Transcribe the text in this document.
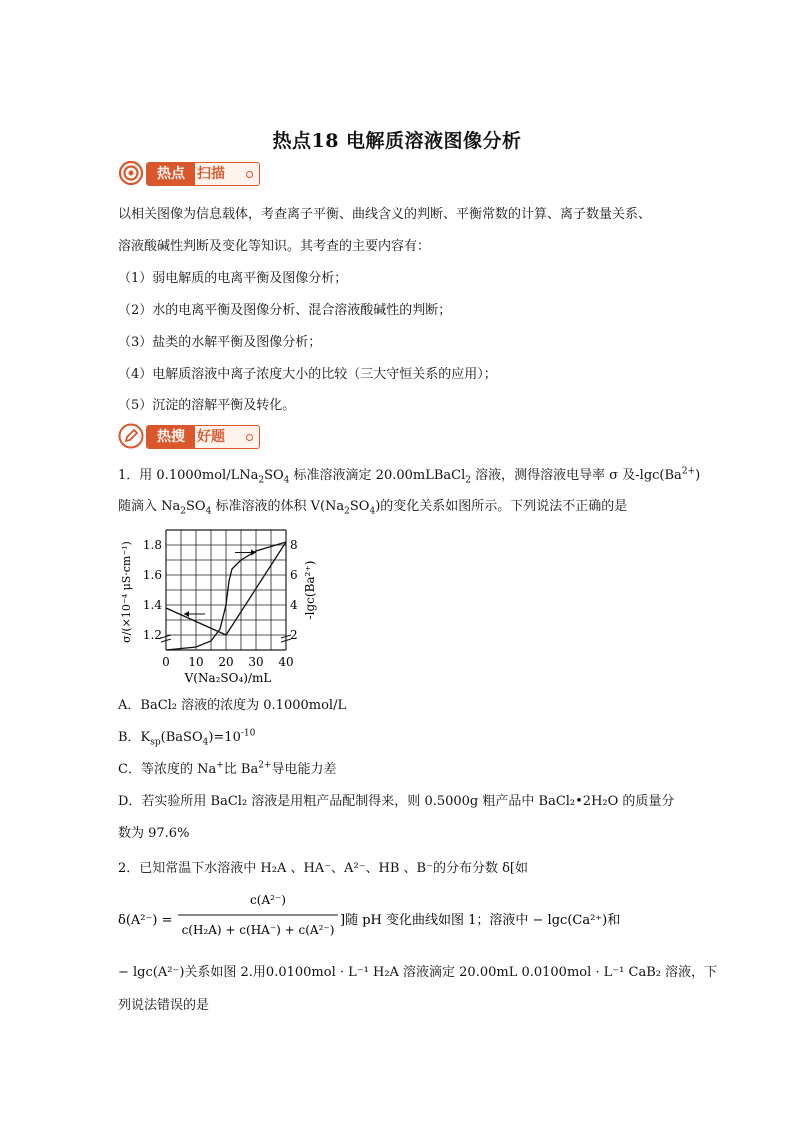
热点18 电解质溶液图像分析
热点 扫描
以相关图像为信息载体，考查离子平衡、曲线含义的判断、平衡常数的计算、离子数量关系、
溶液酸碱性判断及变化等知识。其考查的主要内容有：
（1）弱电解质的电离平衡及图像分析；
（2）水的电离平衡及图像分析、混合溶液酸碱性的判断；
（3）盐类的水解平衡及图像分析；
（4）电解质溶液中离子浓度大小的比较（三大守恒关系的应用）；
（5）沉淀的溶解平衡及转化。
热搜 好题
1．用 $0.1000mol/LNa_2SO_4$ 标准溶液滴定 20.00mLBaCl$_2$ 溶液，测得溶液电导率 σ 及$-\lg c(Ba^{2+})$
随滴入 $Na_2SO_4$ 标准溶液的体积 $V(Na_2SO_4)$的变化关系如图所示。下列说法不正确的是
0 10 20 30 40
1.2
1.4
1.6
1.8
2
4
6
8
V(Na₂SO₄)/mL
σ/(×10⁻⁴ μS·cm⁻¹)	-lgc(Ba²⁺)
A．BaCl₂ 溶液的浓度为 0.1000mol/L
B．$K_{sp}(BaSO_4)=10^{-10}$
C．等浓度的 Na+比 $Ba^{2+}$导电能力差
D．若实验所用 BaCl₂ 溶液是用粗产品配制得来，则 0.5000g 粗产品中 BaCl₂•2H₂O 的质量分
数为 97.6%
2．已知常温下水溶液中 H₂A 、HA⁻、A²⁻、HB 、B⁻的分布分数 δ[如
δ(A²⁻) =
c(A²⁻)
c(H₂A) + c(HA⁻) + c(A²⁻)
]随 pH 变化曲线如图 1；溶液中 − lgc(Ca²⁺)和
− lgc(A²⁻)关系如图 2.用0.0100mol · L⁻¹ H₂A 溶液滴定 20.00mL 0.0100mol · L⁻¹ CaB₂ 溶液，下
列说法错误的是
